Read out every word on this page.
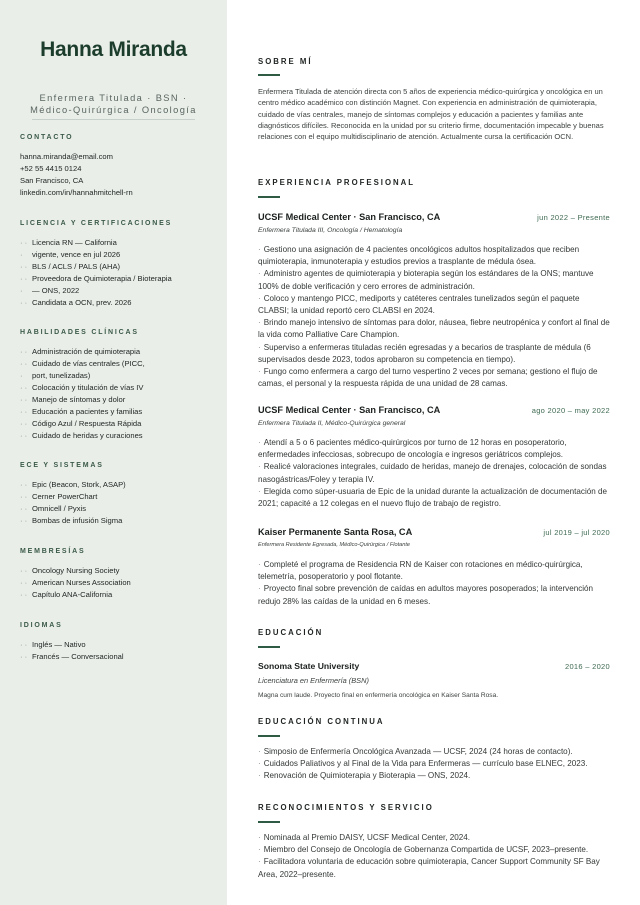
Hanna Miranda
Enfermera Titulada · BSN ·
Médico-Quirúrgica / Oncología
CONTACTO
hanna.miranda@email.com
+52 55 4415 0124
San Francisco, CA
linkedin.com/in/hannahmitchell-rn
LICENCIA Y CERTIFICACIONES
· · Licencia RN — California
·	vigente, vence en jul 2026
· · BLS / ACLS / PALS (AHA)
· · Proveedora de Quimioterapia / Bioterapia
·	— ONS, 2022
· · Candidata a OCN, prev. 2026
HABILIDADES CLÍNICAS
· · Administración de quimioterapia
· · Cuidado de vías centrales (PICC,
·	port, tunelizadas)
· · Colocación y titulación de vías IV
· · Manejo de síntomas y dolor
· · Educación a pacientes y familias
· · Código Azul / Respuesta Rápida
· · Cuidado de heridas y curaciones
ECE Y SISTEMAS
· · Epic (Beacon, Stork, ASAP)
· · Cerner PowerChart
· · Omnicell / Pyxis
· · Bombas de infusión Sigma
MEMBRESÍAS
· · Oncology Nursing Society
· · American Nurses Association
· · Capítulo ANA-California
IDIOMAS
· · Inglés — Nativo
· · Francés — Conversacional
SOBRE MÍ
Enfermera Titulada de atención directa con 5 años de experiencia médico-quirúrgica y oncológica en un centro médico académico con distinción Magnet. Con experiencia en administración de quimioterapia, cuidado de vías centrales, manejo de síntomas complejos y educación a pacientes y familias ante diagnósticos difíciles. Reconocida en la unidad por su criterio firme, documentación impecable y buenas relaciones con el equipo multidisciplinario de atención. Actualmente cursa la certificación OCN.
EXPERIENCIA PROFESIONAL
UCSF Medical Center · San Francisco, CA	jun 2022 – Presente
Enfermera Titulada III, Oncología / Hematología
· Gestiono una asignación de 4 pacientes oncológicos adultos hospitalizados que reciben quimioterapia, inmunoterapia y estudios previos a trasplante de médula ósea.
· Administro agentes de quimioterapia y bioterapia según los estándares de la ONS; mantuve 100% de doble verificación y cero errores de administración.
· Coloco y mantengo PICC, mediports y catéteres centrales tunelizados según el paquete CLABSI; la unidad reportó cero CLABSI en 2024.
· Brindo manejo intensivo de síntomas para dolor, náusea, fiebre neutropénica y confort al final de la vida como Palliative Care Champion.
· Superviso a enfermeras tituladas recién egresadas y a becarios de trasplante de médula (6 supervisados desde 2023, todos aprobaron su competencia en tiempo).
· Fungo como enfermera a cargo del turno vespertino 2 veces por semana; gestiono el flujo de camas, el personal y la respuesta rápida de una unidad de 28 camas.
UCSF Medical Center · San Francisco, CA	ago 2020 – may 2022
Enfermera Titulada II, Médico-Quirúrgica general
· Atendí a 5 o 6 pacientes médico-quirúrgicos por turno de 12 horas en posoperatorio, enfermedades infecciosas, sobrecupo de oncología e ingresos geriátricos complejos.
· Realicé valoraciones integrales, cuidado de heridas, manejo de drenajes, colocación de sondas nasogástricas/Foley y terapia IV.
· Elegida como súper-usuaria de Epic de la unidad durante la actualización de documentación de 2021; capacité a 12 colegas en el nuevo flujo de trabajo de registro.
Kaiser Permanente Santa Rosa, CA	jul 2019 – jul 2020
Enfermera Residente Egresada, Médico-Quirúrgica / Flotante
· Completé el programa de Residencia RN de Kaiser con rotaciones en médico-quirúrgica, telemetría, posoperatorio y pool flotante.
· Proyecto final sobre prevención de caídas en adultos mayores posoperados; la intervención redujo 28% las caídas de la unidad en 6 meses.
EDUCACIÓN
Sonoma State University	2016 – 2020
Licenciatura en Enfermería (BSN)
Magna cum laude. Proyecto final en enfermería oncológica en Kaiser Santa Rosa.
EDUCACIÓN CONTINUA
· Simposio de Enfermería Oncológica Avanzada — UCSF, 2024 (24 horas de contacto).
· Cuidados Paliativos y al Final de la Vida para Enfermeras — currículo base ELNEC, 2023.
· Renovación de Quimioterapia y Bioterapia — ONS, 2024.
RECONOCIMIENTOS Y SERVICIO
· Nominada al Premio DAISY, UCSF Medical Center, 2024.
· Miembro del Consejo de Oncología de Gobernanza Compartida de UCSF, 2023–presente.
· Facilitadora voluntaria de educación sobre quimioterapia, Cancer Support Community SF Bay Area, 2022–presente.
